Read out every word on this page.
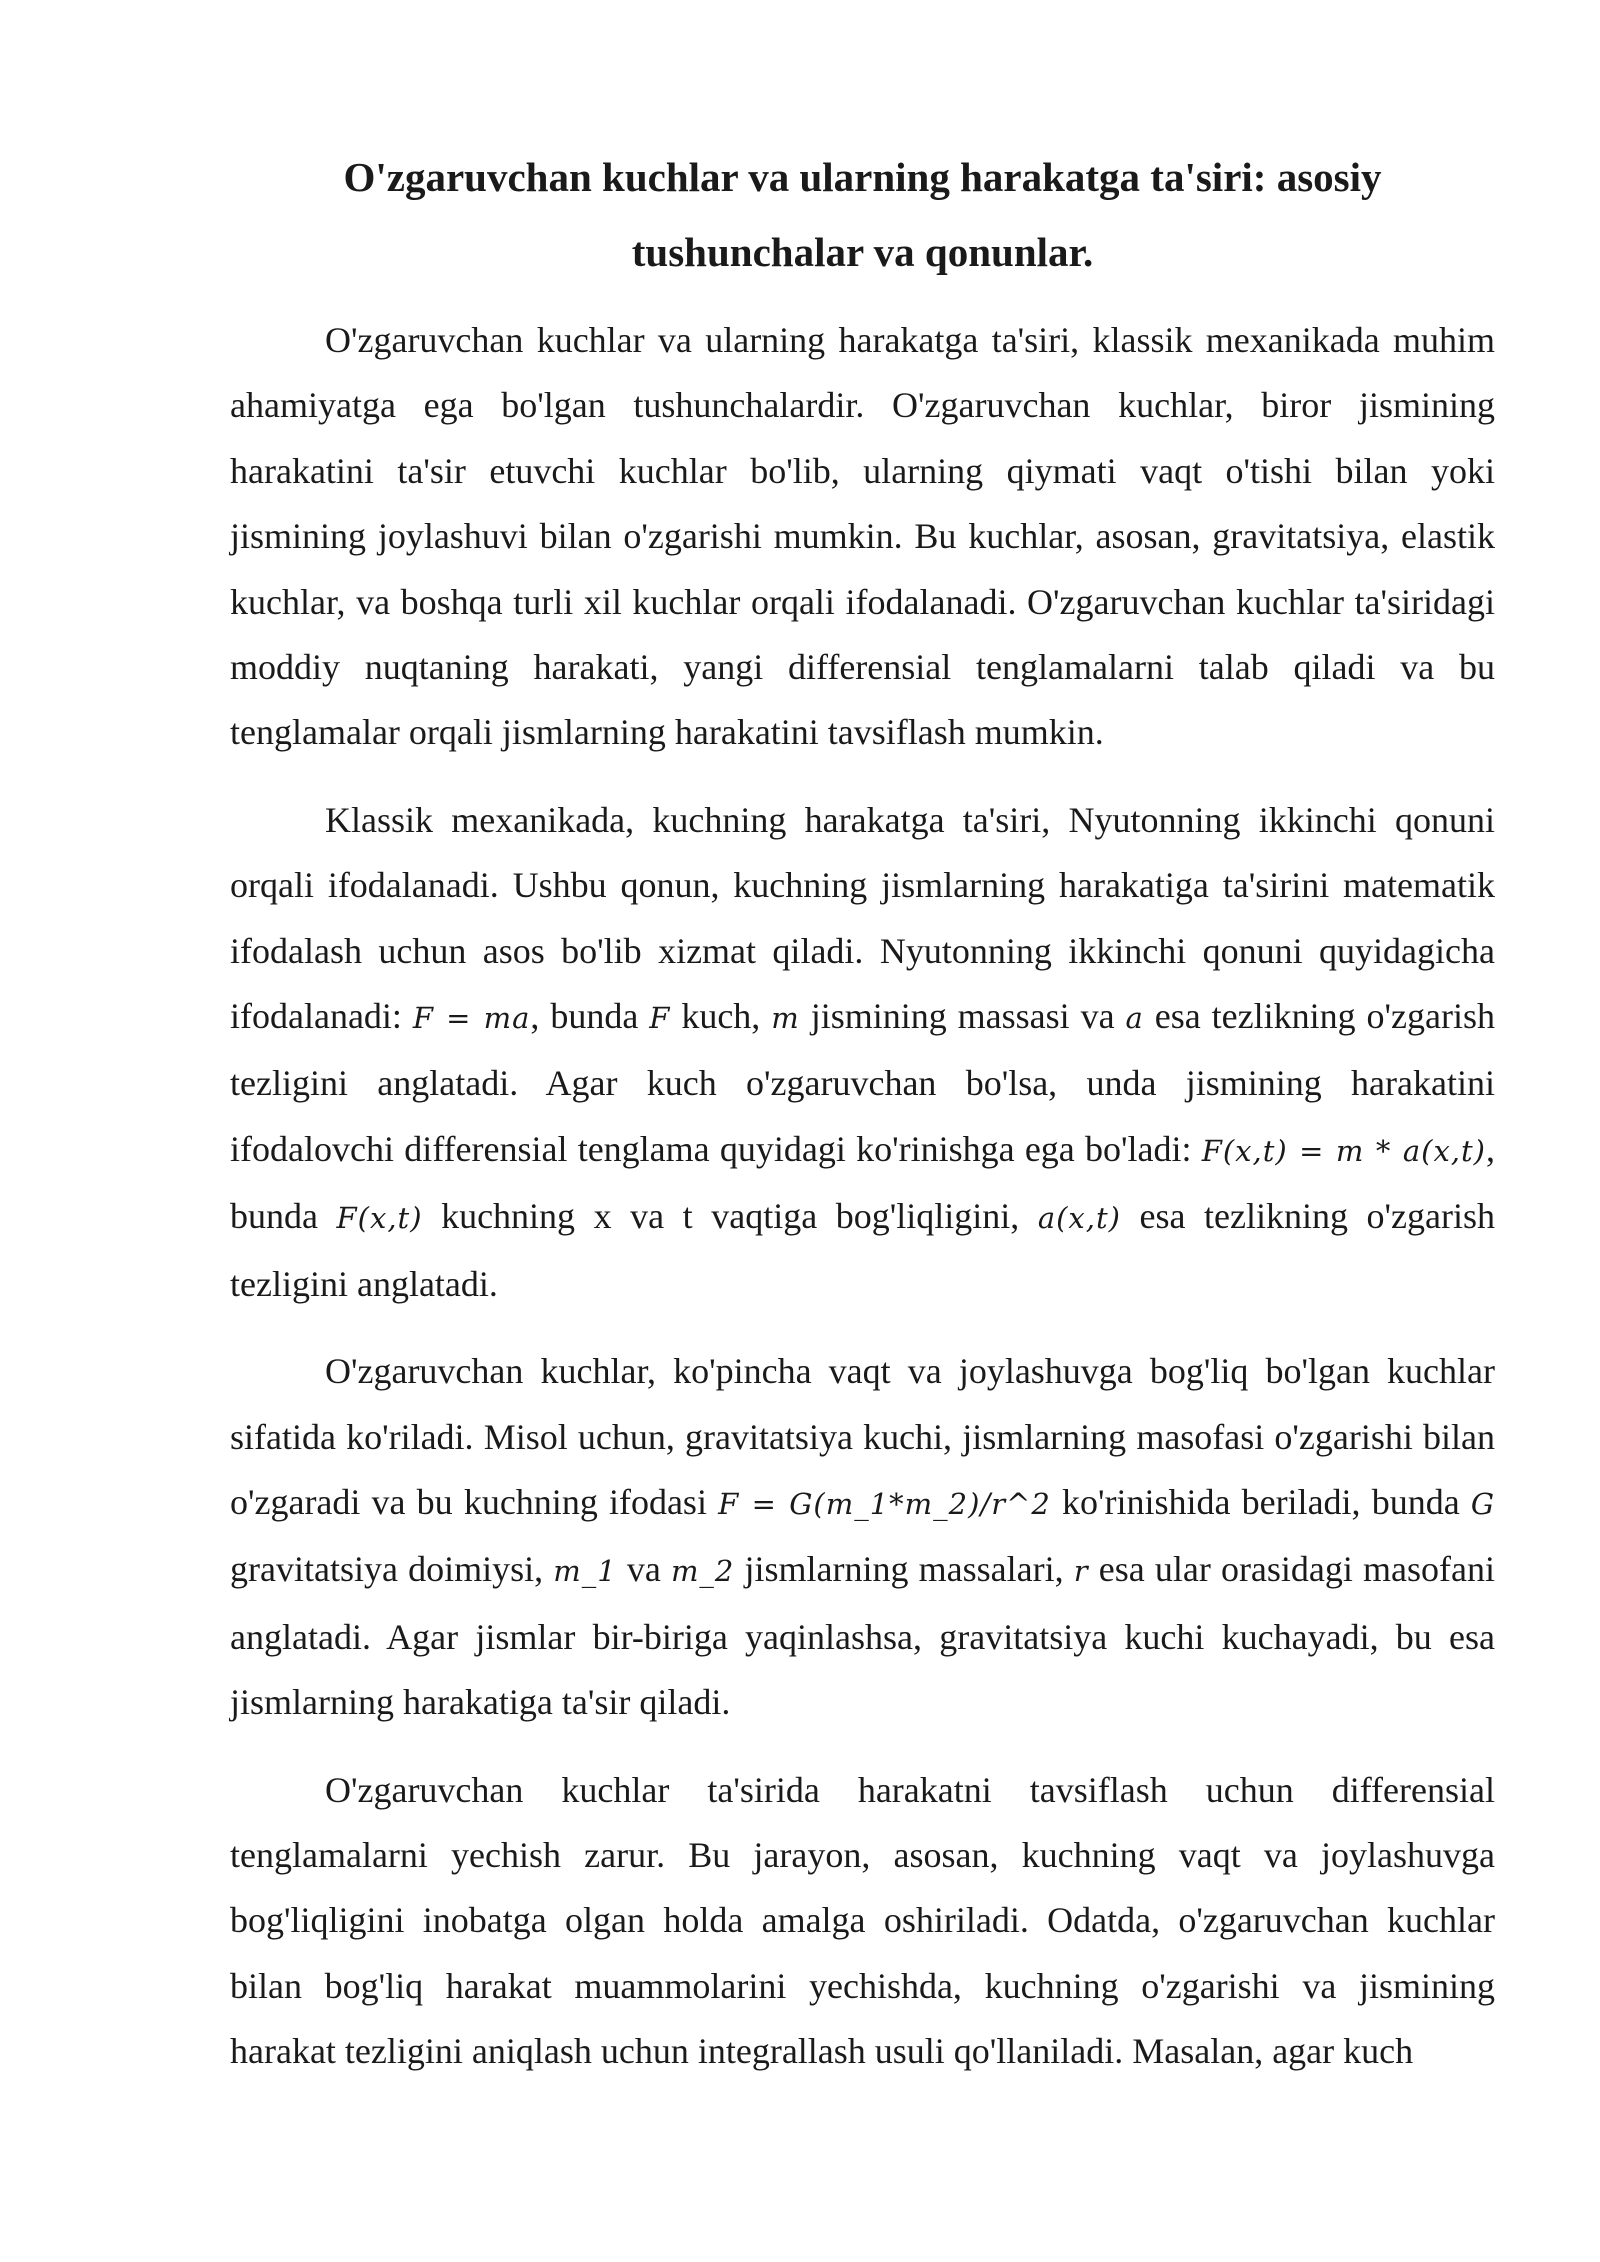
O'zgaruvchan kuchlar va ularning harakatga ta'siri: asosiy tushunchalar va qonunlar.

O'zgaruvchan kuchlar va ularning harakatga ta'siri, klassik mexanikada muhim ahamiyatga ega bo'lgan tushunchalardir. O'zgaruvchan kuchlar, biror jismining harakatini ta'sir etuvchi kuchlar bo'lib, ularning qiymati vaqt o'tishi bilan yoki jismining joylashuvi bilan o'zgarishi mumkin. Bu kuchlar, asosan, gravitatsiya, elastik kuchlar, va boshqa turli xil kuchlar orqali ifodalanadi. O'zgaruvchan kuchlar ta'siridagi moddiy nuqtaning harakati, yangi differensial tenglamalarni talab qiladi va bu tenglamalar orqali jismlarning harakatini tavsiflash mumkin.

Klassik mexanikada, kuchning harakatga ta'siri, Nyutonning ikkinchi qonuni orqali ifodalanadi. Ushbu qonun, kuchning jismlarning harakatiga ta'sirini matematik ifodalash uchun asos bo'lib xizmat qiladi. Nyutonning ikkinchi qonuni quyidagicha ifodalanadi: F = ma, bunda F kuch, m jismining massasi va a esa tezlikning o'zgarish tezligini anglatadi. Agar kuch o'zgaruvchan bo'lsa, unda jismining harakatini ifodalovchi differensial tenglama quyidagi ko'rinishga ega bo'ladi: F(x,t) = m * a(x,t), bunda F(x,t) kuchning x va t vaqtiga bog'liqligini, a(x,t) esa tezlikning o'zgarish tezligini anglatadi.

O'zgaruvchan kuchlar, ko'pincha vaqt va joylashuvga bog'liq bo'lgan kuchlar sifatida ko'riladi. Misol uchun, gravitatsiya kuchi, jismlarning masofasi o'zgarishi bilan o'zgaradi va bu kuchning ifodasi F = G(m_1*m_2)/r^2 ko'rinishida beriladi, bunda G gravitatsiya doimiysi, m_1 va m_2 jismlarning massalari, r esa ular orasidagi masofani anglatadi. Agar jismlar bir-biriga yaqinlashsa, gravitatsiya kuchi kuchayadi, bu esa jismlarning harakatiga ta'sir qiladi.

O'zgaruvchan kuchlar ta'sirida harakatni tavsiflash uchun differensial tenglamalarni yechish zarur. Bu jarayon, asosan, kuchning vaqt va joylashuvga bog'liqligini inobatga olgan holda amalga oshiriladi. Odatda, o'zgaruvchan kuchlar bilan bog'liq harakat muammolarini yechishda, kuchning o'zgarishi va jismining harakat tezligini aniqlash uchun integrallash usuli qo'llaniladi. Masalan, agar kuch
